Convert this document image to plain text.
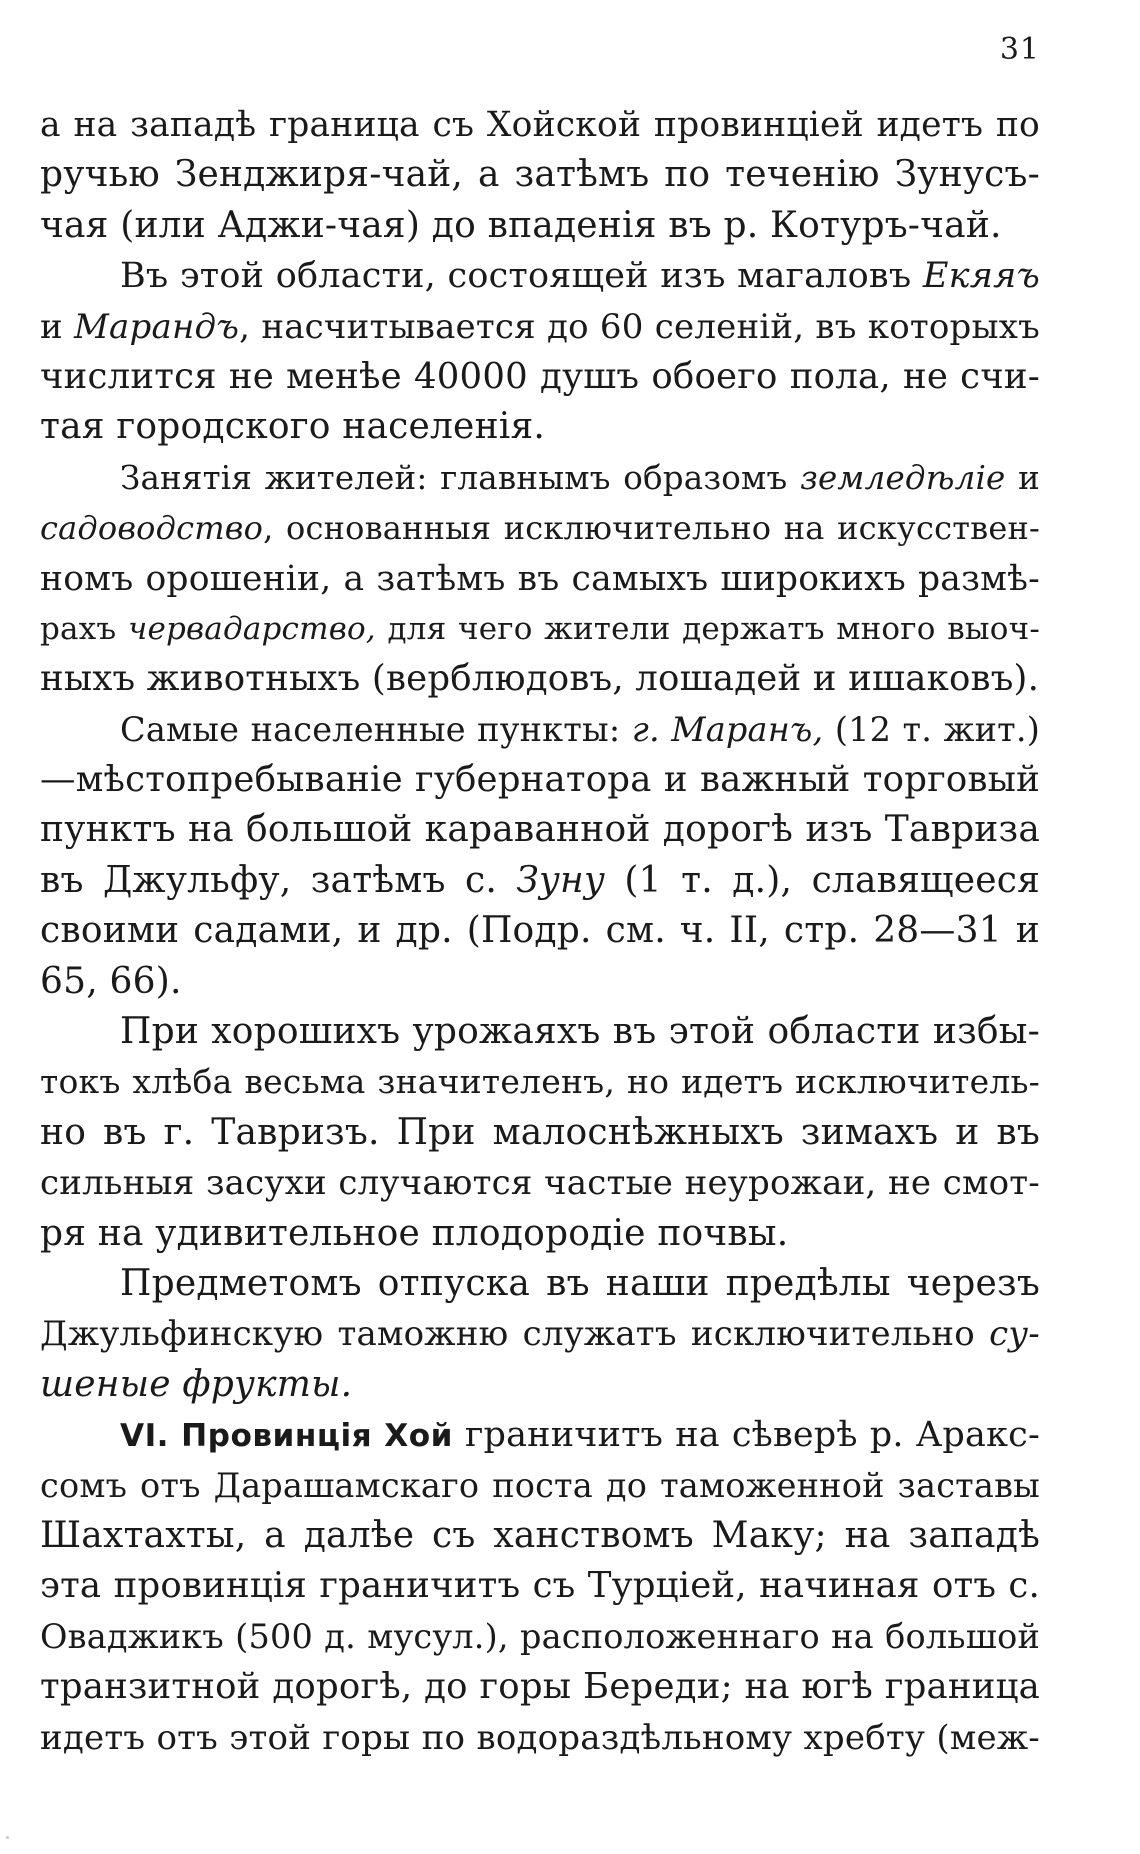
31
а на западѣ граница съ Хойской провинціей идетъ по
ручью Зенджиря-чай, а затѣмъ по теченію Зунусъ-
чая (или Аджи-чая) до впаденія въ р. Котуръ-чай.
Въ этой области, состоящей изъ магаловъ Екяяъ
и Марандъ, насчитывается до 60 селеній, въ которыхъ
числится не менѣе 40000 душъ обоего пола, не счи-
тая городского населенія.
Занятія жителей: главнымъ образомъ земледѣліе и
садоводство, основанныя исключительно на искусствен-
номъ орошеніи, а затѣмъ въ самыхъ широкихъ размѣ-
рахъ червадарство, для чего жители держатъ много выоч-
ныхъ животныхъ (верблюдовъ, лошадей и ишаковъ).
Самые населенные пункты: г. Маранъ, (12 т. жит.)
—мѣстопребываніе губернатора и важный торговый
пунктъ на большой караванной дорогѣ изъ Тавриза
въ Джульфу, затѣмъ с. Зуну (1 т. д.), славящееся
своими садами, и др. (Подр. см. ч. II, стр. 28—31 и
65, 66).
При хорошихъ урожаяхъ въ этой области избы-
токъ хлѣба весьма значителенъ, но идетъ исключитель-
но въ г. Тавризъ. При малоснѣжныхъ зимахъ и въ
сильныя засухи случаются частые неурожаи, не смот-
ря на удивительное плодородіе почвы.
Предметомъ отпуска въ наши предѣлы черезъ
Джульфинскую таможню служатъ исключительно су-
шеные фрукты.
VI. Провинція Хой граничитъ на сѣверѣ р. Аракс-
сомъ отъ Дарашамскаго поста до таможенной заставы
Шахтахты, а далѣе съ ханствомъ Маку; на западѣ
эта провинція граничитъ съ Турціей, начиная отъ с.
Оваджикъ (500 д. мусул.), расположеннаго на большой
транзитной дорогѣ, до горы Береди; на югѣ граница
идетъ отъ этой горы по водораздѣльному хребту (меж-
